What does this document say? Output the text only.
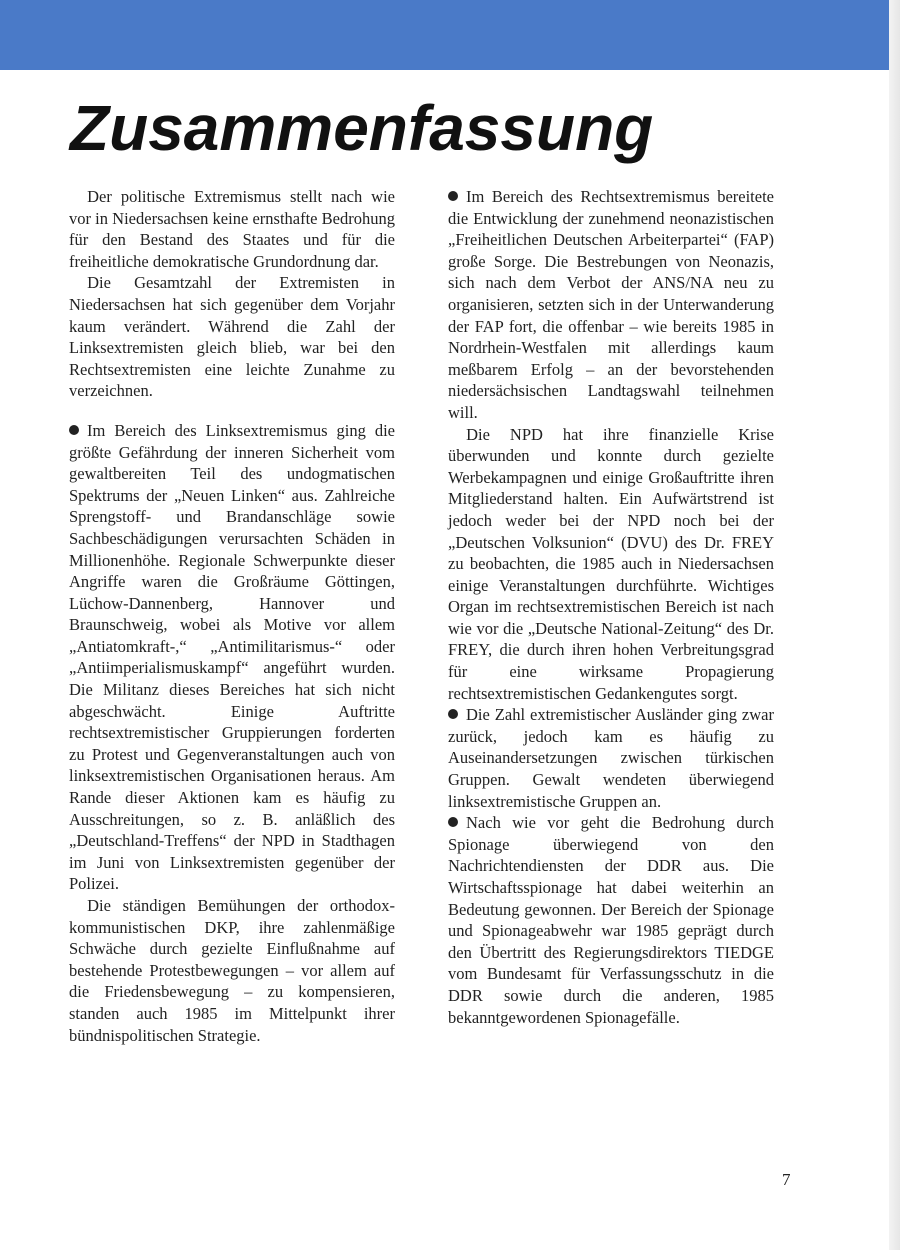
Zusammenfassung

Der politische Extremismus stellt nach wie vor in Niedersachsen keine ernsthafte Bedrohung für den Bestand des Staates und für die freiheitliche demokratische Grundordnung dar.

Die Gesamtzahl der Extremisten in Niedersachsen hat sich gegenüber dem Vorjahr kaum verändert. Während die Zahl der Linksextremisten gleich blieb, war bei den Rechtsextremisten eine leichte Zunahme zu verzeichnen.

Im Bereich des Linksextremismus ging die größte Gefährdung der inneren Sicherheit vom gewaltbereiten Teil des undogmatischen Spektrums der „Neuen Linken“ aus. Zahlreiche Sprengstoff- und Brandanschläge sowie Sachbeschädigungen verursachten Schäden in Millionenhöhe. Regionale Schwerpunkte dieser Angriffe waren die Großräume Göttingen, Lüchow-Dannenberg, Hannover und Braunschweig, wobei als Motive vor allem „Antiatomkraft-,“ „Antimilitarismus-“ oder „Antiimperialismuskampf“ angeführt wurden. Die Militanz dieses Bereiches hat sich nicht abgeschwächt. Einige Auftritte rechtsextremistischer Gruppierungen forderten zu Protest und Gegenveranstaltungen auch von linksextremistischen Organisationen heraus. Am Rande dieser Aktionen kam es häufig zu Ausschreitungen, so z. B. anläßlich des „Deutschland-Treffens“ der NPD in Stadthagen im Juni von Linksextremisten gegenüber der Polizei.

Die ständigen Bemühungen der orthodox-kommunistischen DKP, ihre zahlenmäßige Schwäche durch gezielte Einflußnahme auf bestehende Protestbewegungen – vor allem auf die Friedensbewegung – zu kompensieren, standen auch 1985 im Mittelpunkt ihrer bündnispolitischen Strategie.

Im Bereich des Rechtsextremismus bereitete die Entwicklung der zunehmend neonazistischen „Freiheitlichen Deutschen Arbeiterpartei“ (FAP) große Sorge. Die Bestrebungen von Neonazis, sich nach dem Verbot der ANS/NA neu zu organisieren, setzten sich in der Unterwanderung der FAP fort, die offenbar – wie bereits 1985 in Nordrhein-Westfalen mit allerdings kaum meßbarem Erfolg – an der bevorstehenden niedersächsischen Landtagswahl teilnehmen will.

Die NPD hat ihre finanzielle Krise überwunden und konnte durch gezielte Werbekampagnen und einige Großauftritte ihren Mitgliederstand halten. Ein Aufwärtstrend ist jedoch weder bei der NPD noch bei der „Deutschen Volksunion“ (DVU) des Dr. FREY zu beobachten, die 1985 auch in Niedersachsen einige Veranstaltungen durchführte. Wichtiges Organ im rechtsextremistischen Bereich ist nach wie vor die „Deutsche National-Zeitung“ des Dr. FREY, die durch ihren hohen Verbreitungsgrad für eine wirksame Propagierung rechtsextremistischen Gedankengutes sorgt.

Die Zahl extremistischer Ausländer ging zwar zurück, jedoch kam es häufig zu Auseinandersetzungen zwischen türkischen Gruppen. Gewalt wendeten überwiegend linksextremistische Gruppen an.

Nach wie vor geht die Bedrohung durch Spionage überwiegend von den Nachrichtendiensten der DDR aus. Die Wirtschaftsspionage hat dabei weiterhin an Bedeutung gewonnen. Der Bereich der Spionage und Spionageabwehr war 1985 geprägt durch den Übertritt des Regierungsdirektors TIEDGE vom Bundesamt für Verfassungsschutz in die DDR sowie durch die anderen, 1985 bekanntgewordenen Spionagefälle.

7
